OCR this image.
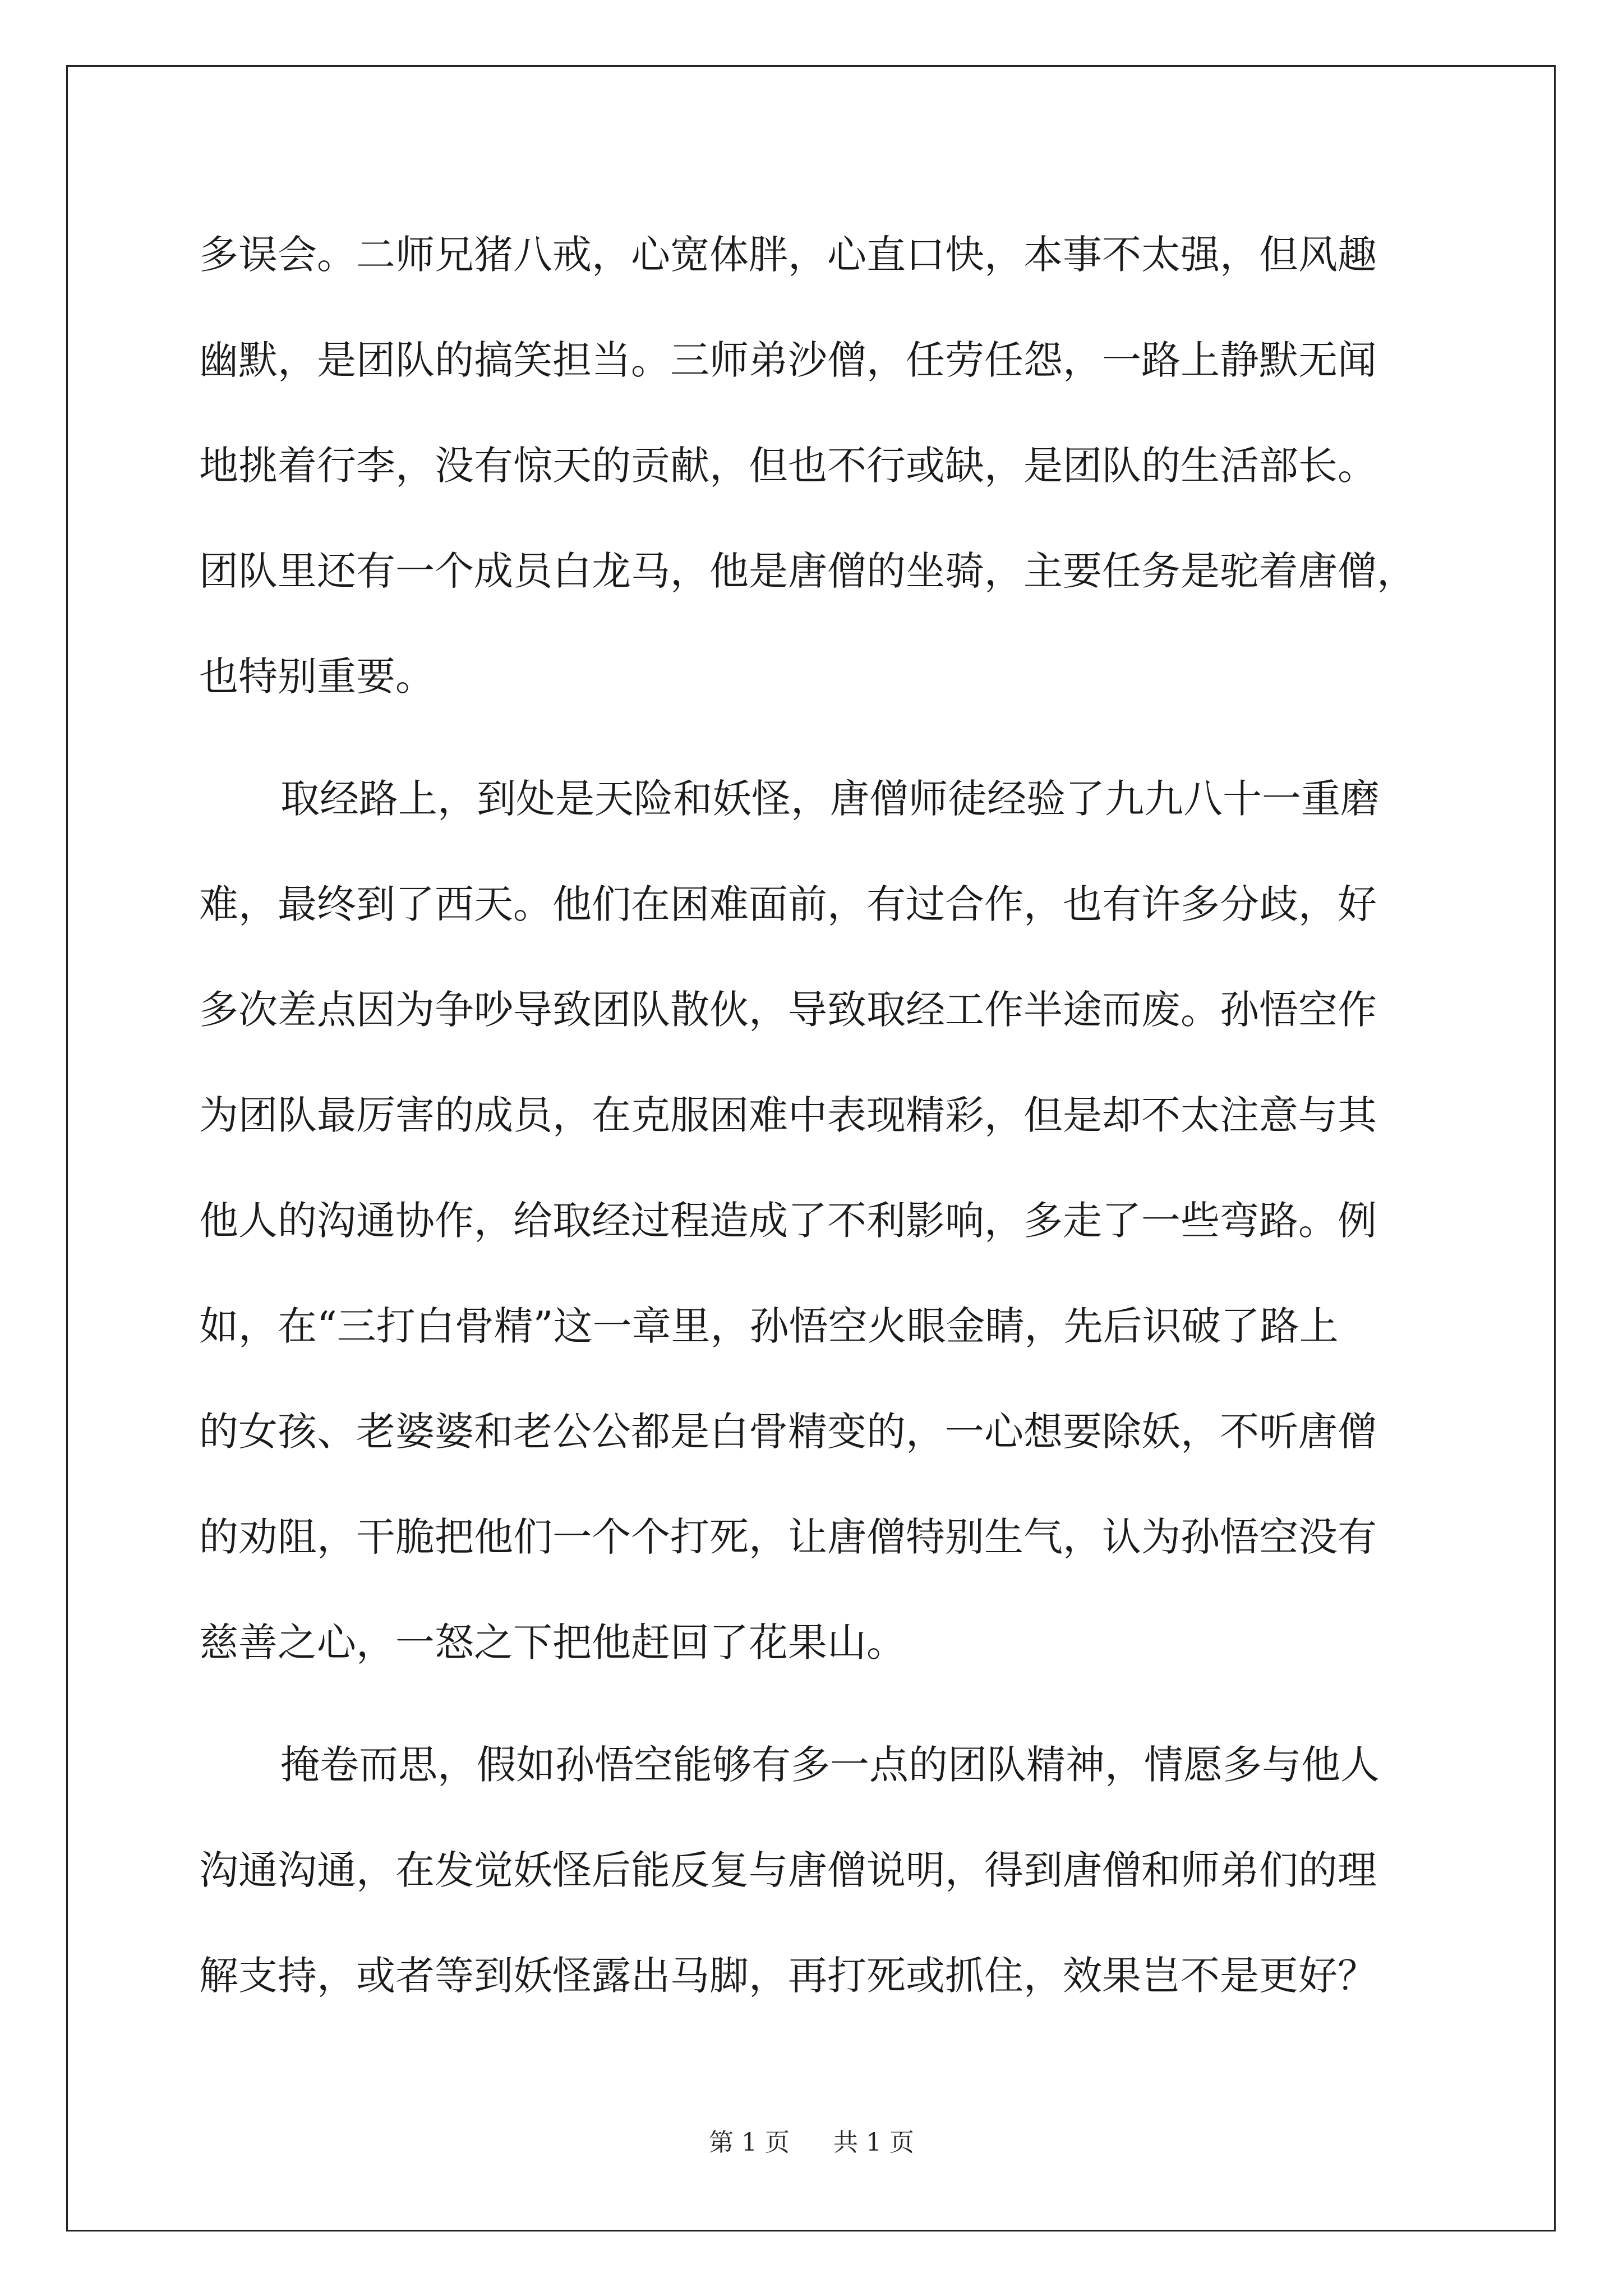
多误会。二师兄猪八戒，心宽体胖，心直口快，本事不太强，但风趣
幽默，是团队的搞笑担当。三师弟沙僧，任劳任怨，一路上静默无闻
地挑着行李，没有惊天的贡献，但也不行或缺，是团队的生活部长。
团队里还有一个成员白龙马，他是唐僧的坐骑，主要任务是驼着唐僧，
也特别重要。
取经路上，到处是天险和妖怪，唐僧师徒经验了九九八十一重磨
难，最终到了西天。他们在困难面前，有过合作，也有许多分歧，好
多次差点因为争吵导致团队散伙，导致取经工作半途而废。孙悟空作
为团队最厉害的成员，在克服困难中表现精彩，但是却不太注意与其
他人的沟通协作，给取经过程造成了不利影响，多走了一些弯路。例
如，在“三打白骨精”这一章里，孙悟空火眼金睛，先后识破了路上
的女孩、老婆婆和老公公都是白骨精变的，一心想要除妖，不听唐僧
的劝阻，干脆把他们一个个打死，让唐僧特别生气，认为孙悟空没有
慈善之心，一怒之下把他赶回了花果山。
掩卷而思，假如孙悟空能够有多一点的团队精神，情愿多与他人
沟通沟通，在发觉妖怪后能反复与唐僧说明，得到唐僧和师弟们的理
解支持，或者等到妖怪露出马脚，再打死或抓住，效果岂不是更好？
第 1 页 共 1 页
